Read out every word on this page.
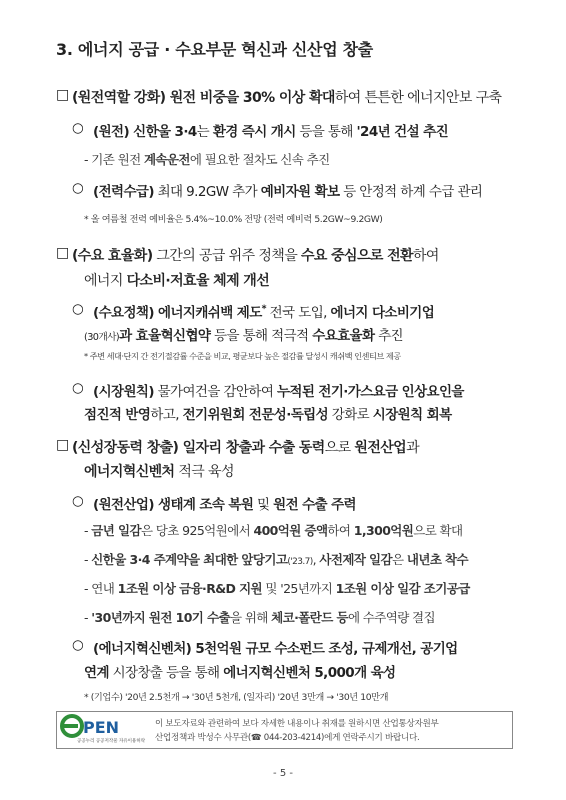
3. 에너지 공급 · 수요부문 혁신과 신산업 창출
□ (원전역할 강화) 원전 비중을 30% 이상 확대하여 튼튼한 에너지안보 구축
○ (원전) 신한울 3·4는 환경 즉시 개시 등을 통해 '24년 건설 추진
- 기존 원전 계속운전에 필요한 절차도 신속 추진
○ (전력수급) 최대 9.2GW 추가 예비자원 확보 등 안정적 하계 수급 관리
* 올 여름철 전력 예비율은 5.4%~10.0% 전망 (전력 예비력 5.2GW~9.2GW)
□ (수요 효율화) 그간의 공급 위주 정책을 수요 중심으로 전환하여
에너지 다소비·저효율 체제 개선
○ (수요정책) 에너지캐쉬백 제도* 전국 도입, 에너지 다소비기업
(30개사)과 효율혁신협약 등을 통해 적극적 수요효율화 추진
* 주변 세대·단지 간 전기절감률 수준을 비교, 평균보다 높은 절감률 달성시 캐쉬백 인센티브 제공
○ (시장원칙) 물가여건을 감안하여 누적된 전기·가스요금 인상요인을
점진적 반영하고, 전기위원회 전문성·독립성 강화로 시장원칙 회복
□ (신성장동력 창출) 일자리 창출과 수출 동력으로 원전산업과
에너지혁신벤처 적극 육성
○ (원전산업) 생태계 조속 복원 및 원전 수출 주력
- 금년 일감은 당초 925억원에서 400억원 증액하여 1,300억원으로 확대
- 신한울 3·4 주계약을 최대한 앞당기고('23.7), 사전제작 일감은 내년초 착수
- 연내 1조원 이상 금융·R&D 지원 및 '25년까지 1조원 이상 일감 조기공급
- '30년까지 원전 10기 수출을 위해 체코·폴란드 등에 수주역량 결집
○ (에너지혁신벤처) 5천억원 규모 수소펀드 조성, 규제개선, 공기업
연계 시장창출 등을 통해 에너지혁신벤처 5,000개 육성
* (기업수) '20년 2.5천개 → '30년 5천개, (일자리) '20년 3만개 → '30년 10만개
PEN
공공누리 공공저작물 자유이용허락
이 보도자료와 관련하여 보다 자세한 내용이나 취재를 원하시면 산업통상자원부
산업정책과 박성수 사무관(☎ 044-203-4214)에게 연락주시기 바랍니다.
- 5 -
